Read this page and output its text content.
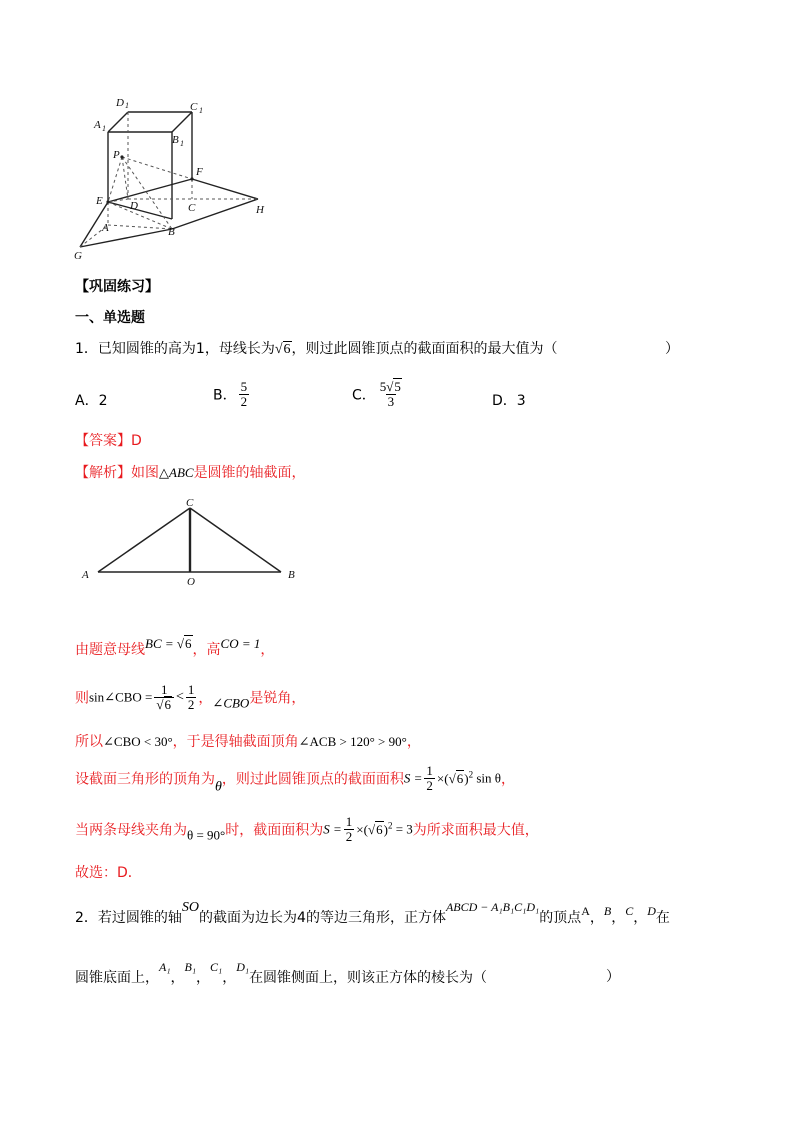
D 1	C 1
A 1
B 1
P
F
E D	C	H
A	B
G
【巩固练习】
一、单选题
1．已知圆锥的高为1，母线长为√6，则过此圆锥顶点的截面面积的最大值为（	）
A．2	B． $\frac{5}{2}$	C． $\frac{5√5}{3}$	D．3
【答案】D
【解析】如图△ABC是圆锥的轴截面，
C
A
O
B
由题意母线BC = √6，高CO = 1，
则sin∠CBO = $\frac{1}{√6} < \frac{1}{2}$ ，∠CBO是锐角，
所以∠CBO < 30°，于是得轴截面顶角∠ACB > 120° > 90°，
设截面三角形的顶角为θ，则过此圆锥顶点的截面面积$S = \frac{1}{2} \times(√6)^2$ sin θ，
当两条母线夹角为θ = 90°时，截面面积为$S = \frac{1}{2} \times(√6)^2 = 3$为所求面积最大值，
故选：D．
2．若过圆锥的轴SO的截面为边长为4的等边三角形，正方体ABCD − A₁B₁C₁D₁的顶点A，B，C，D在
圆锥底面上，A₁，B₁，C₁，D₁在圆锥侧面上，则该正方体的棱长为（	）
